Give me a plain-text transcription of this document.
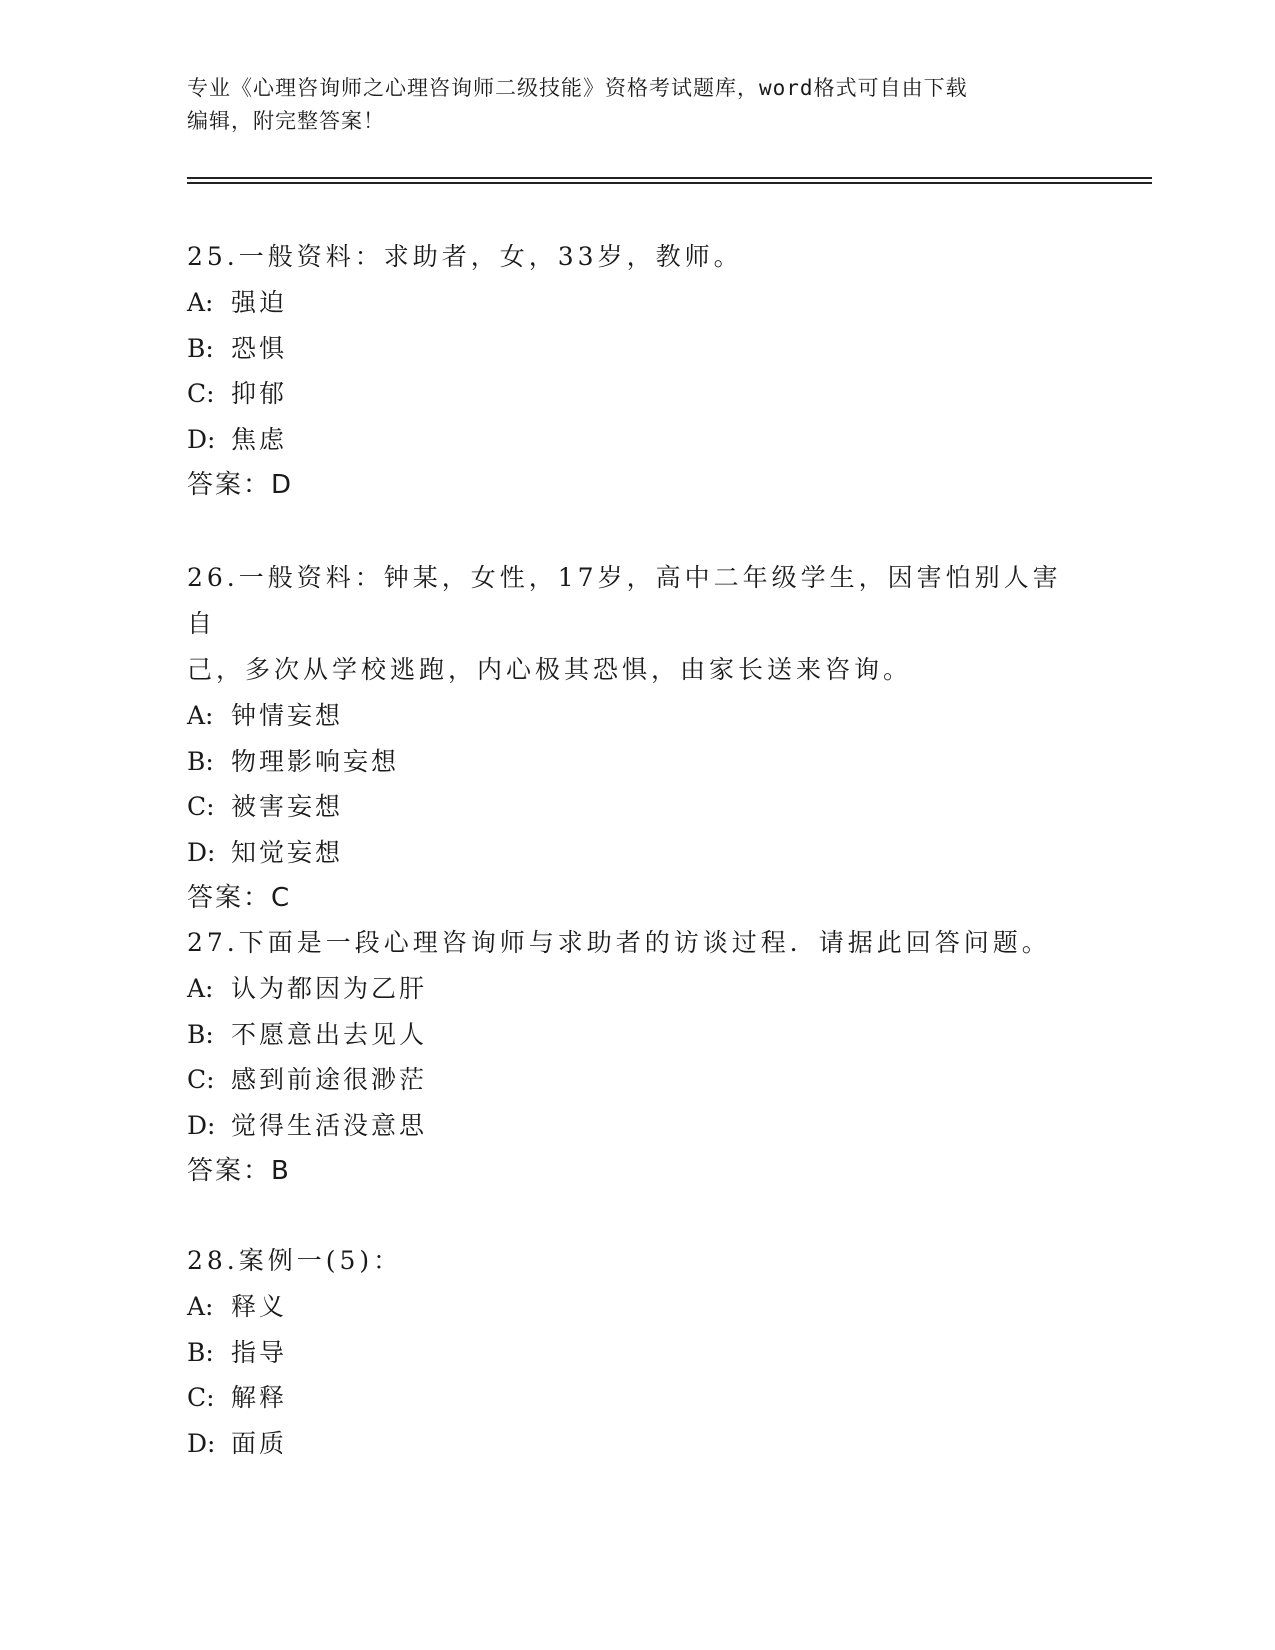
专业《心理咨询师之心理咨询师二级技能》资格考试题库，word格式可自由下载
编辑，附完整答案！

25.一般资料：求助者，女，33岁，教师。

A: 强迫
B: 恐惧
C: 抑郁
D: 焦虑
答案：D

26.一般资料：钟某，女性，17岁，高中二年级学生，因害怕别人害自

己，多次从学校逃跑，内心极其恐惧，由家长送来咨询。

A: 钟情妄想
B: 物理影响妄想
C: 被害妄想
D: 知觉妄想
答案：C

27.下面是一段心理咨询师与求助者的访谈过程．请据此回答问题。

A: 认为都因为乙肝
B: 不愿意出去见人
C: 感到前途很渺茫
D: 觉得生活没意思
答案：B

28.案例一(5)：

A: 释义
B: 指导
C: 解释
D: 面质
